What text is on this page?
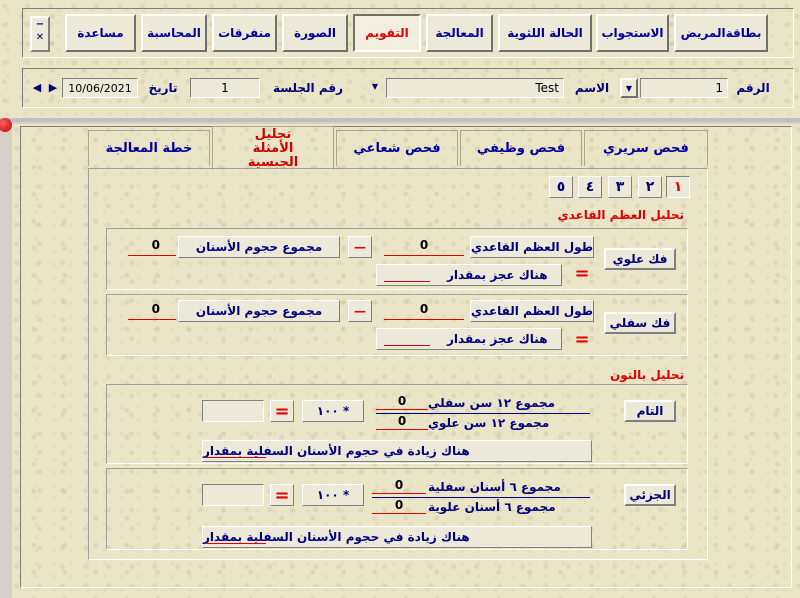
−
✕	بطاقةالمريض
الاستجواب
الحالة اللثوية
المعالجة
التقويم
الصورة
منفرقات
المحاسبة
مساعدة
الرقم
1
▼
الاسم
Test
▼
رقم الجلسة
1
تاريخ
10/06/2021
▶
◀
فحص سريري
فحص وظيفي
فحص شعاعي
تحليل الأمثلة الجبسية
خطة المعالجة
١
٢
٣
٤
٥
تحليل العظم القاعدي
فك علوي
طول العظم القاعدي
0
—
مجموع حجوم الأسنان
0
=
هناك عجز بمقدار
فك سفلي
طول العظم القاعدي
0
—
مجموع حجوم الأسنان
0
=
هناك عجز بمقدار
تحليل بالتون
التام
مجموع ١٢ سن سفلي
0
مجموع ١٢ سن علوي
0
* ١٠٠
=
هناك زيادة في حجوم الأسنان السفلية بمقدار
الجزئي
مجموع ٦ أسنان سفلية
0
مجموع ٦ أسنان علوية
0
* ١٠٠
=
هناك زيادة في حجوم الأسنان السفلية بمقدار
